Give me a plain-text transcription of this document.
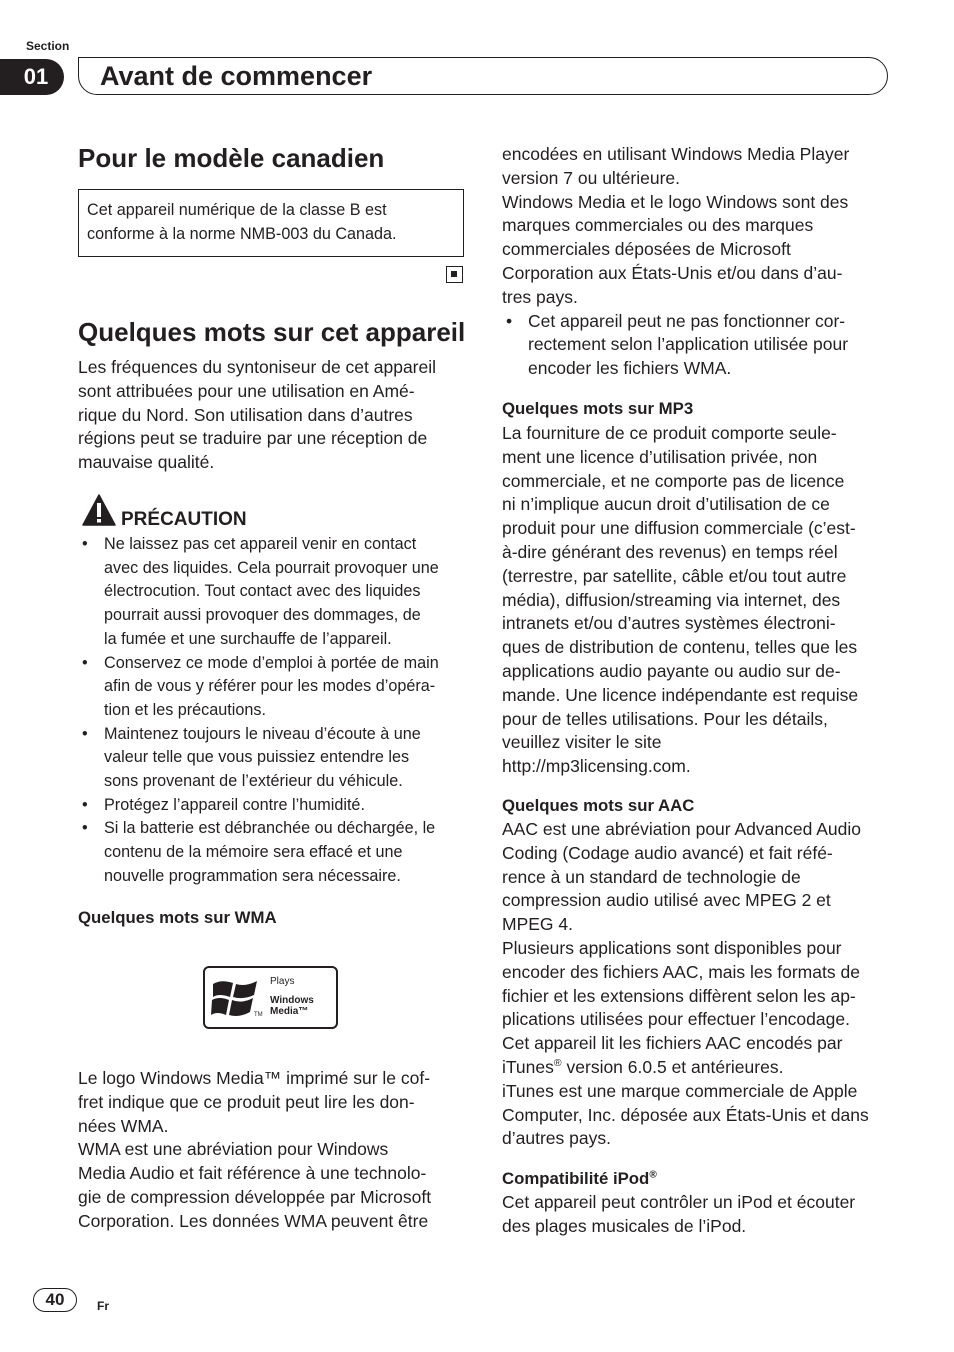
Section
01	Avant de commencer
Pour le modèle canadien
Cet appareil numérique de la classe B est
conforme à la norme NMB-003 du Canada.
Quelques mots sur cet appareil

Les fréquences du syntoniseur de cet appareil

sont attribuées pour une utilisation en Amé-

rique du Nord. Son utilisation dans d’autres

régions peut se traduire par une réception de

mauvaise qualité.

PRÉCAUTION
• Ne laissez pas cet appareil venir en contact
avec des liquides. Cela pourrait provoquer une
électrocution. Tout contact avec des liquides
pourrait aussi provoquer des dommages, de
la fumée et une surchauffe de l’appareil.
• Conservez ce mode d’emploi à portée de main
afin de vous y référer pour les modes d’opéra-
tion et les précautions.
• Maintenez toujours le niveau d’écoute à une
valeur telle que vous puissiez entendre les
sons provenant de l’extérieur du véhicule.
• Protégez l’appareil contre l’humidité.
• Si la batterie est débranchée ou déchargée, le
contenu de la mémoire sera effacé et une
nouvelle programmation sera nécessaire.
Quelques mots sur WMA
TM
Plays
Windows
Media™

Le logo Windows Media™ imprimé sur le cof-

fret indique que ce produit peut lire les don-

nées WMA.

WMA est une abréviation pour Windows

Media Audio et fait référence à une technolo-

gie de compression développée par Microsoft

Corporation. Les données WMA peuvent être

encodées en utilisant Windows Media Player

version 7 ou ultérieure.

Windows Media et le logo Windows sont des

marques commerciales ou des marques

commerciales déposées de Microsoft

Corporation aux États-Unis et/ou dans d’au-

tres pays.

• Cet appareil peut ne pas fonctionner cor-
rectement selon l’application utilisée pour
encoder les fichiers WMA.
Quelques mots sur MP3

La fourniture de ce produit comporte seule-

ment une licence d’utilisation privée, non

commerciale, et ne comporte pas de licence

ni n’implique aucun droit d’utilisation de ce

produit pour une diffusion commerciale (c’est-

à-dire générant des revenus) en temps réel

(terrestre, par satellite, câble et/ou tout autre

média), diffusion/streaming via internet, des

intranets et/ou d’autres systèmes électroni-

ques de distribution de contenu, telles que les

applications audio payante ou audio sur de-

mande. Une licence indépendante est requise

pour de telles utilisations. Pour les détails,

veuillez visiter le site

http://mp3licensing.com.

Quelques mots sur AAC

AAC est une abréviation pour Advanced Audio

Coding (Codage audio avancé) et fait réfé-

rence à un standard de technologie de

compression audio utilisé avec MPEG 2 et

MPEG 4.

Plusieurs applications sont disponibles pour

encoder des fichiers AAC, mais les formats de

fichier et les extensions diffèrent selon les ap-

plications utilisées pour effectuer l’encodage.

Cet appareil lit les fichiers AAC encodés par

iTunes® version 6.0.5 et antérieures.

iTunes est une marque commerciale de Apple

Computer, Inc. déposée aux États-Unis et dans

d’autres pays.

Compatibilité iPod®

Cet appareil peut contrôler un iPod et écouter

des plages musicales de l’iPod.

40	Fr
